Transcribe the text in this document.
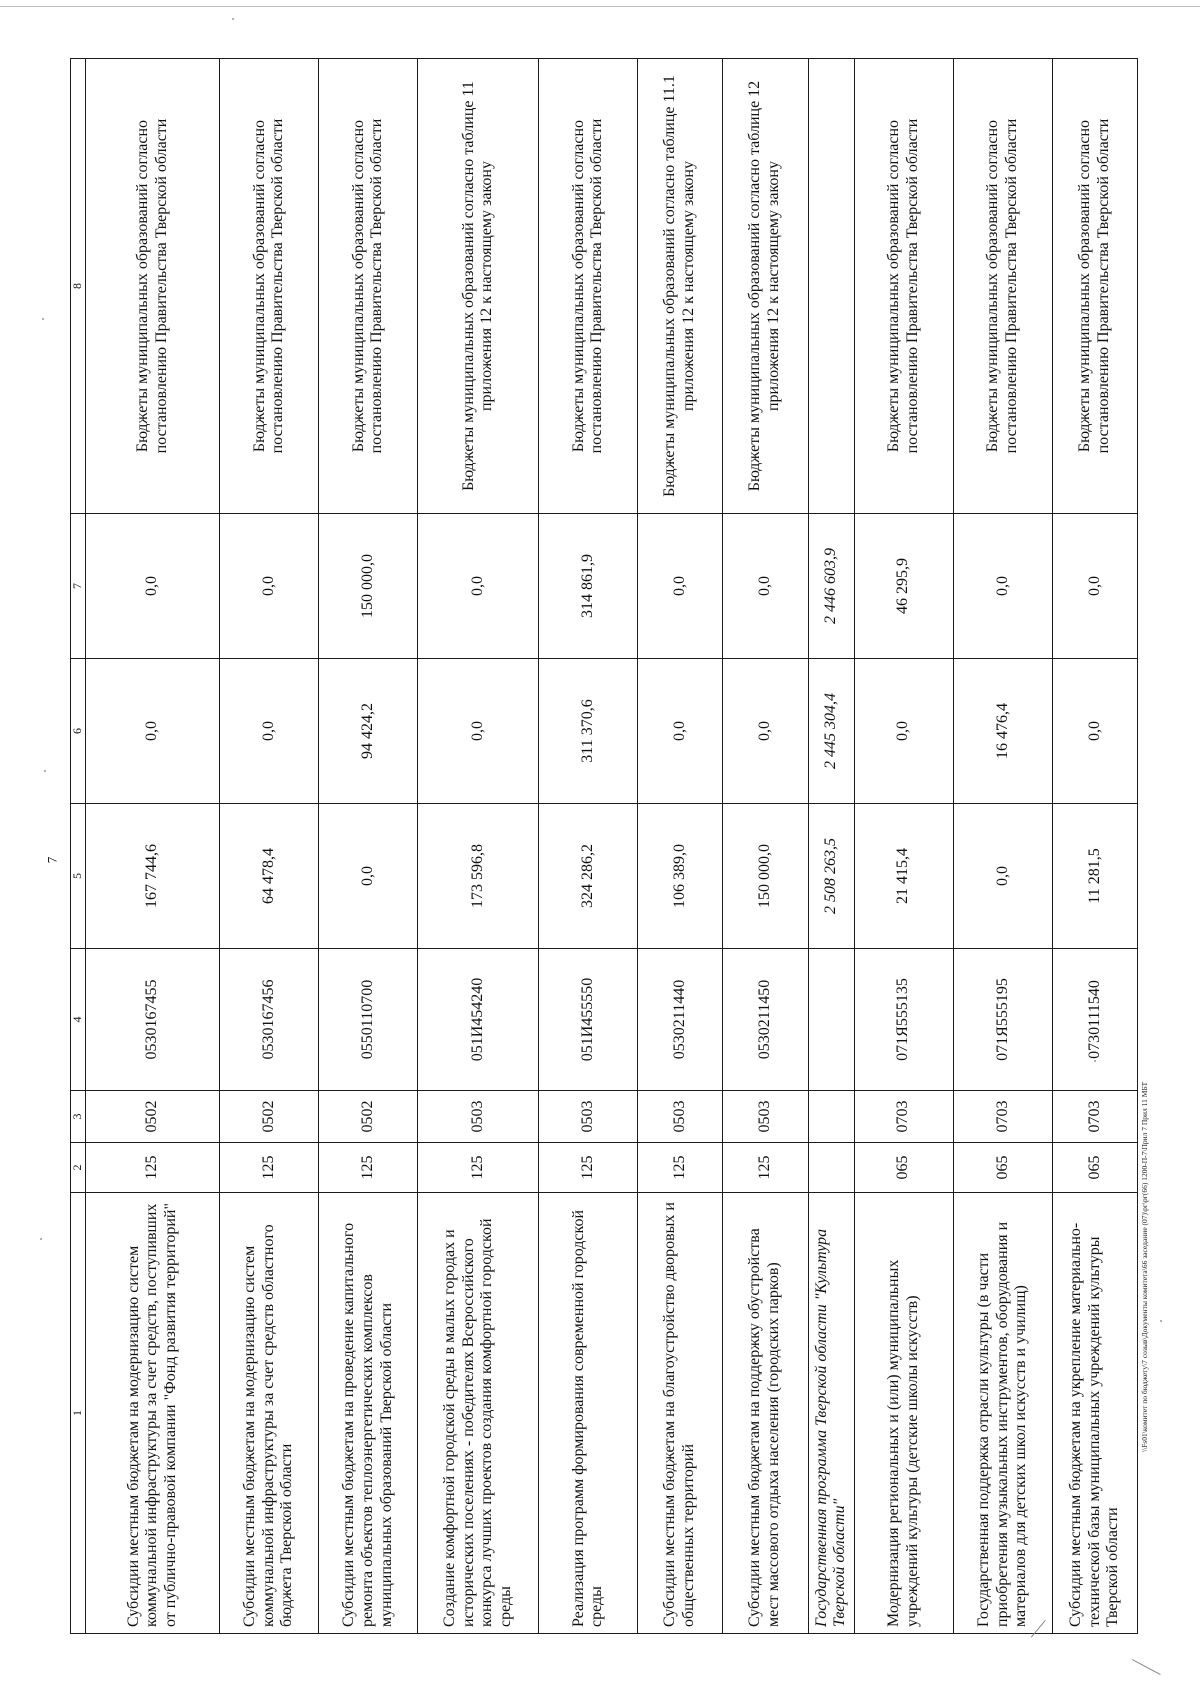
7
1	2	3	4	5	6	7	8
Субсидии местным бюджетам на модернизацию систем коммунальной инфраструктуры за счет средств, поступивших от публично-правовой компании "Фонд развития территорий"	125	0502	0530167455	167 744,6	0,0	0,0	Бюджеты муниципальных образований согласно постановлению Правительства Тверской области
Субсидии местным бюджетам на модернизацию систем коммунальной инфраструктуры за счет средств областного бюджета Тверской области	125	0502	0530167456	64 478,4	0,0	0,0	Бюджеты муниципальных образований согласно постановлению Правительства Тверской области
Субсидии местным бюджетам на проведение капитального ремонта объектов теплоэнергетических комплексов муниципальных образований Тверской области	125	0502	0550110700	0,0	94 424,2	150 000,0	Бюджеты муниципальных образований согласно постановлению Правительства Тверской области
Создание комфортной городской среды в малых городах и исторических поселениях - победителях Всероссийского конкурса лучших проектов создания комфортной городской среды	125	0503	051И454240	173 596,8	0,0	0,0	Бюджеты муниципальных образований согласно таблице 11 приложения 12 к настоящему закону
Реализация программ формирования современной городской среды	125	0503	051И455550	324 286,2	311 370,6	314 861,9	Бюджеты муниципальных образований согласно постановлению Правительства Тверской области
Субсидии местным бюджетам на благоустройство дворовых и общественных территорий	125	0503	0530211440	106 389,0	0,0	0,0	Бюджеты муниципальных образований согласно таблице 11.1 приложения 12 к настоящему закону
Субсидии местным бюджетам на поддержку обустройства мест массового отдыха населения (городских парков)	125	0503	0530211450	150 000,0	0,0	0,0	Бюджеты муниципальных образований согласно таблице 12 приложения 12 к настоящему закону
Государственная программа Тверской области "Культура Тверской области"				2 508 263,5	2 445 304,4	2 446 603,9	
Модернизация региональных и (или) муниципальных учреждений культуры (детские школы искусств)	065	0703	071Я555135	21 415,4	0,0	46 295,9	Бюджеты муниципальных образований согласно постановлению Правительства Тверской области
Государственная поддержка отрасли культуры (в части приобретения музыкальных инструментов, оборудования и материалов для детских школ искусств и училищ)	065	0703	071Я555195	0,0	16 476,4	0,0	Бюджеты муниципальных образований согласно постановлению Правительства Тверской области
Субсидии местным бюджетам на укрепление материально-технической базы муниципальных учреждений культуры Тверской области	065	0703	0730111540	11 281,5	0,0	0,0	Бюджеты муниципальных образований согласно постановлению Правительства Тверской области
\\Fs01\комитет по бюджету\7 созыв\Документы комитета\66 заседание (07)\рг\рг(66) 1200-П-7\Прил 7 Прил 11 МБТ
